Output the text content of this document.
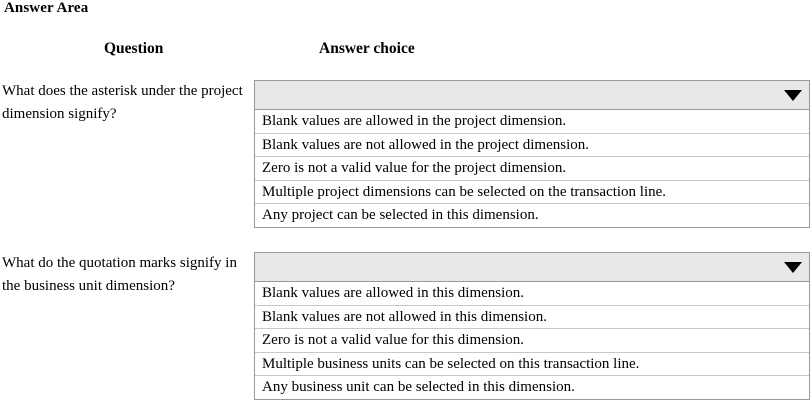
Answer Area
Question	Answer choice
What does the asterisk under the project dimension signify?	Blank values are allowed in the project dimension.
Blank values are not allowed in the project dimension.
Zero is not a valid value for the project dimension.
Multiple project dimensions can be selected on the transaction line.
Any project can be selected in this dimension.
What do the quotation marks signify in the business unit dimension?	Blank values are allowed in this dimension.
Blank values are not allowed in this dimension.
Zero is not a valid value for this dimension.
Multiple business units can be selected on this transaction line.
Any business unit can be selected in this dimension.
